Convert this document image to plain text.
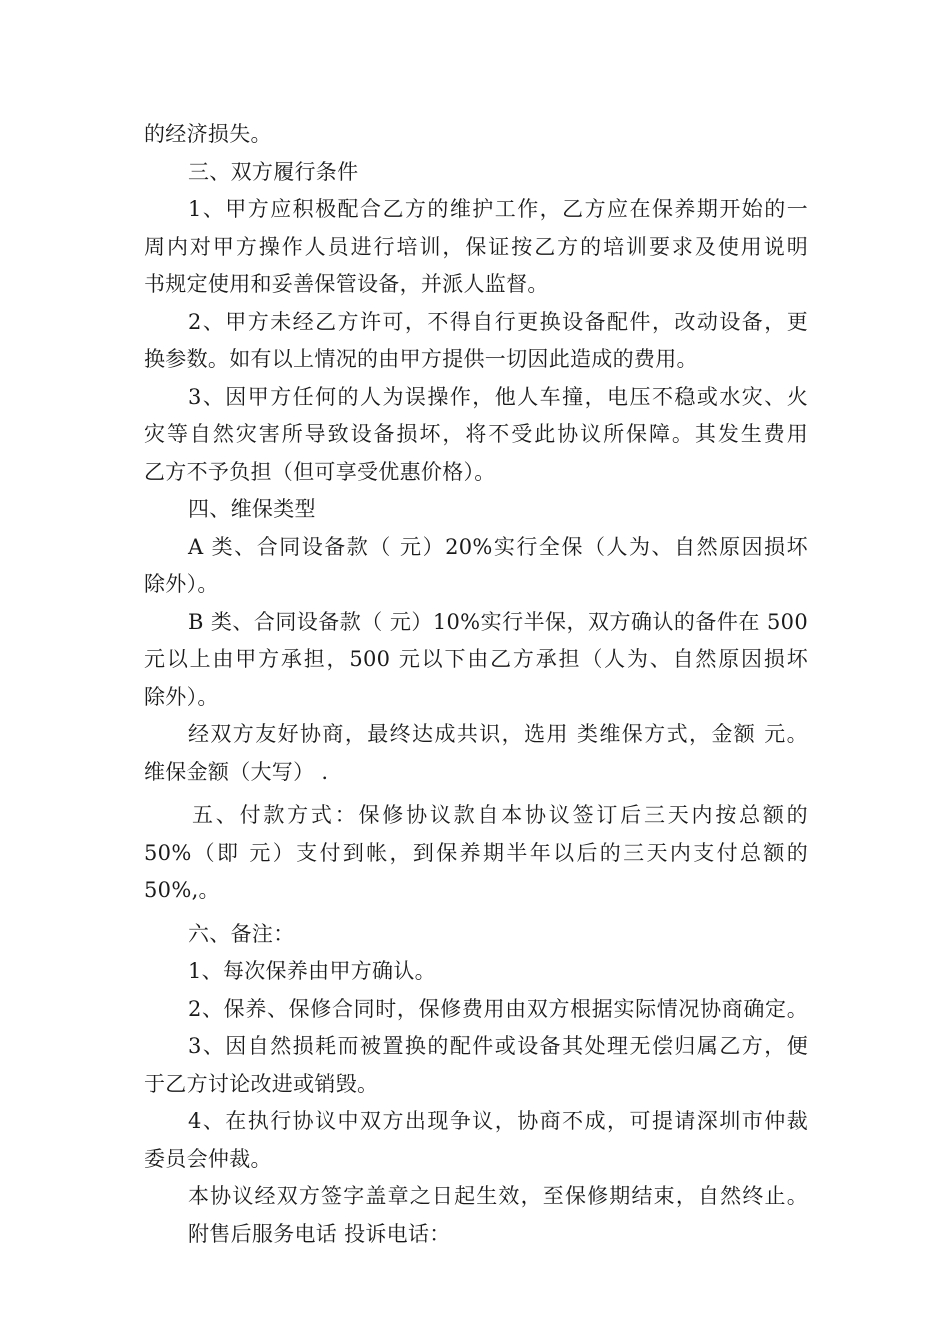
的经济损失。
三、双方履行条件
1、甲方应积极配合乙方的维护工作，乙方应在保养期开始的一
周内对甲方操作人员进行培训，保证按乙方的培训要求及使用说明
书规定使用和妥善保管设备，并派人监督。
2、甲方未经乙方许可，不得自行更换设备配件，改动设备，更
换参数。如有以上情况的由甲方提供一切因此造成的费用。
3、因甲方任何的人为误操作，他人车撞，电压不稳或水灾、火
灾等自然灾害所导致设备损坏，将不受此协议所保障。其发生费用
乙方不予负担（但可享受优惠价格）。
四、维保类型
A 类、合同设备款（ 元）20%实行全保（人为、自然原因损坏
除外）。
B 类、合同设备款（ 元）10%实行半保，双方确认的备件在 500
元以上由甲方承担，500 元以下由乙方承担（人为、自然原因损坏
除外）。
经双方友好协商，最终达成共识，选用 类维保方式，金额 元。
维保金额（大写） .
五、付款方式：保修协议款自本协议签订后三天内按总额的
50%（即 元）支付到帐，到保养期半年以后的三天内支付总额的
50%,。
六、备注：
1、每次保养由甲方确认。
2、保养、保修合同时，保修费用由双方根据实际情况协商确定。
3、因自然损耗而被置换的配件或设备其处理无偿归属乙方，便
于乙方讨论改进或销毁。
4、在执行协议中双方出现争议，协商不成，可提请深圳市仲裁
委员会仲裁。
本协议经双方签字盖章之日起生效，至保修期结束，自然终止。
附售后服务电话 投诉电话：
